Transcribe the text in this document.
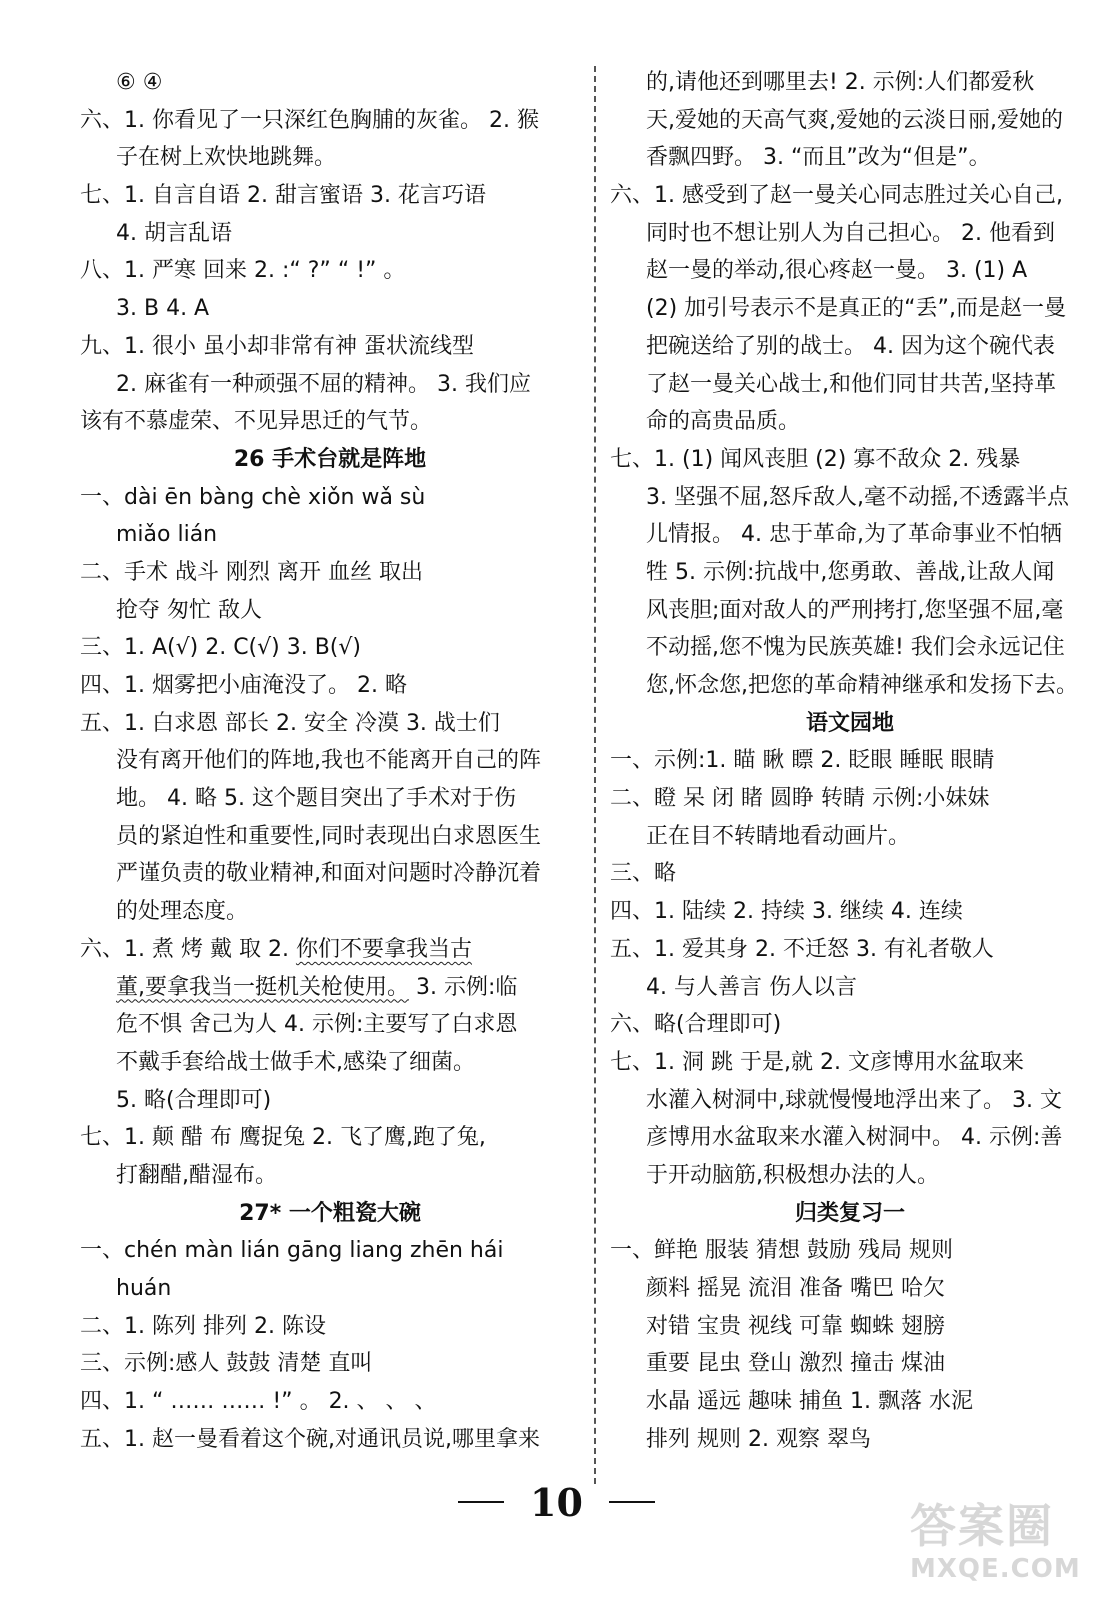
⑥ ④
六、1. 你看见了一只深红色胸脯的灰雀。 2. 猴
子在树上欢快地跳舞。
七、1. 自言自语 2. 甜言蜜语 3. 花言巧语
4. 胡言乱语
八、1. 严寒 回来 2. :“ ?” “ !” 。
3. B 4. A
九、1. 很小 虽小却非常有神 蛋状流线型
2. 麻雀有一种顽强不屈的精神。 3. 我们应
该有不慕虚荣、不见异思迁的气节。
26 手术台就是阵地
一、dài ēn bàng chè xiǒn wǎ sù
miǎo lián
二、手术 战斗 刚烈 离开 血丝 取出
抢夺 匆忙 敌人
三、1. A(√) 2. C(√) 3. B(√)
四、1. 烟雾把小庙淹没了。 2. 略
五、1. 白求恩 部长 2. 安全 冷漠 3. 战士们
没有离开他们的阵地,我也不能离开自己的阵
地。 4. 略 5. 这个题目突出了手术对于伤
员的紧迫性和重要性,同时表现出白求恩医生
严谨负责的敬业精神,和面对问题时冷静沉着
的处理态度。
六、1. 煮 烤 戴 取 2. 你们不要拿我当古
董,要拿我当一挺机关枪使用。 3. 示例:临
危不惧 舍己为人 4. 示例:主要写了白求恩
不戴手套给战士做手术,感染了细菌。
5. 略(合理即可)
七、1. 颠 醋 布 鹰捉兔 2. 飞了鹰,跑了兔,
打翻醋,醋湿布。
27* 一个粗瓷大碗
一、chén màn lián gāng liang zhēn hái
huán
二、1. 陈列 排列 2. 陈设
三、示例:感人 鼓鼓 清楚 直叫
四、1. “ …… …… !” 。 2. 、 、 、
五、1. 赵一曼看着这个碗,对通讯员说,哪里拿来
的,请他还到哪里去! 2. 示例:人们都爱秋
天,爱她的天高气爽,爱她的云淡日丽,爱她的
香飘四野。 3. “而且”改为“但是”。
六、1. 感受到了赵一曼关心同志胜过关心自己,
同时也不想让别人为自己担心。 2. 他看到
赵一曼的举动,很心疼赵一曼。 3. (1) A
(2) 加引号表示不是真正的“丢”,而是赵一曼
把碗送给了别的战士。 4. 因为这个碗代表
了赵一曼关心战士,和他们同甘共苦,坚持革
命的高贵品质。
七、1. (1) 闻风丧胆 (2) 寡不敌众 2. 残暴
3. 坚强不屈,怒斥敌人,毫不动摇,不透露半点
儿情报。 4. 忠于革命,为了革命事业不怕牺
牲 5. 示例:抗战中,您勇敢、善战,让敌人闻
风丧胆;面对敌人的严刑拷打,您坚强不屈,毫
不动摇,您不愧为民族英雄! 我们会永远记住
您,怀念您,把您的革命精神继承和发扬下去。
语文园地
一、示例:1. 瞄 瞅 瞟 2. 眨眼 睡眠 眼睛
二、瞪 呆 闭 睹 圆睁 转睛 示例:小妹妹
正在目不转睛地看动画片。
三、略
四、1. 陆续 2. 持续 3. 继续 4. 连续
五、1. 爱其身 2. 不迁怒 3. 有礼者敬人
4. 与人善言 伤人以言
六、略(合理即可)
七、1. 洞 跳 于是,就 2. 文彦博用水盆取来
水灌入树洞中,球就慢慢地浮出来了。 3. 文
彦博用水盆取来水灌入树洞中。 4. 示例:善
于开动脑筋,积极想办法的人。
归类复习一
一、鲜艳 服装 猜想 鼓励 残局 规则
颜料 摇晃 流泪 准备 嘴巴 哈欠
对错 宝贵 视线 可靠 蜘蛛 翅膀
重要 昆虫 登山 激烈 撞击 煤油
水晶 遥远 趣味 捕鱼 1. 飘落 水泥
排列 规则 2. 观察 翠鸟
10	答案圈
MXQE.COM
